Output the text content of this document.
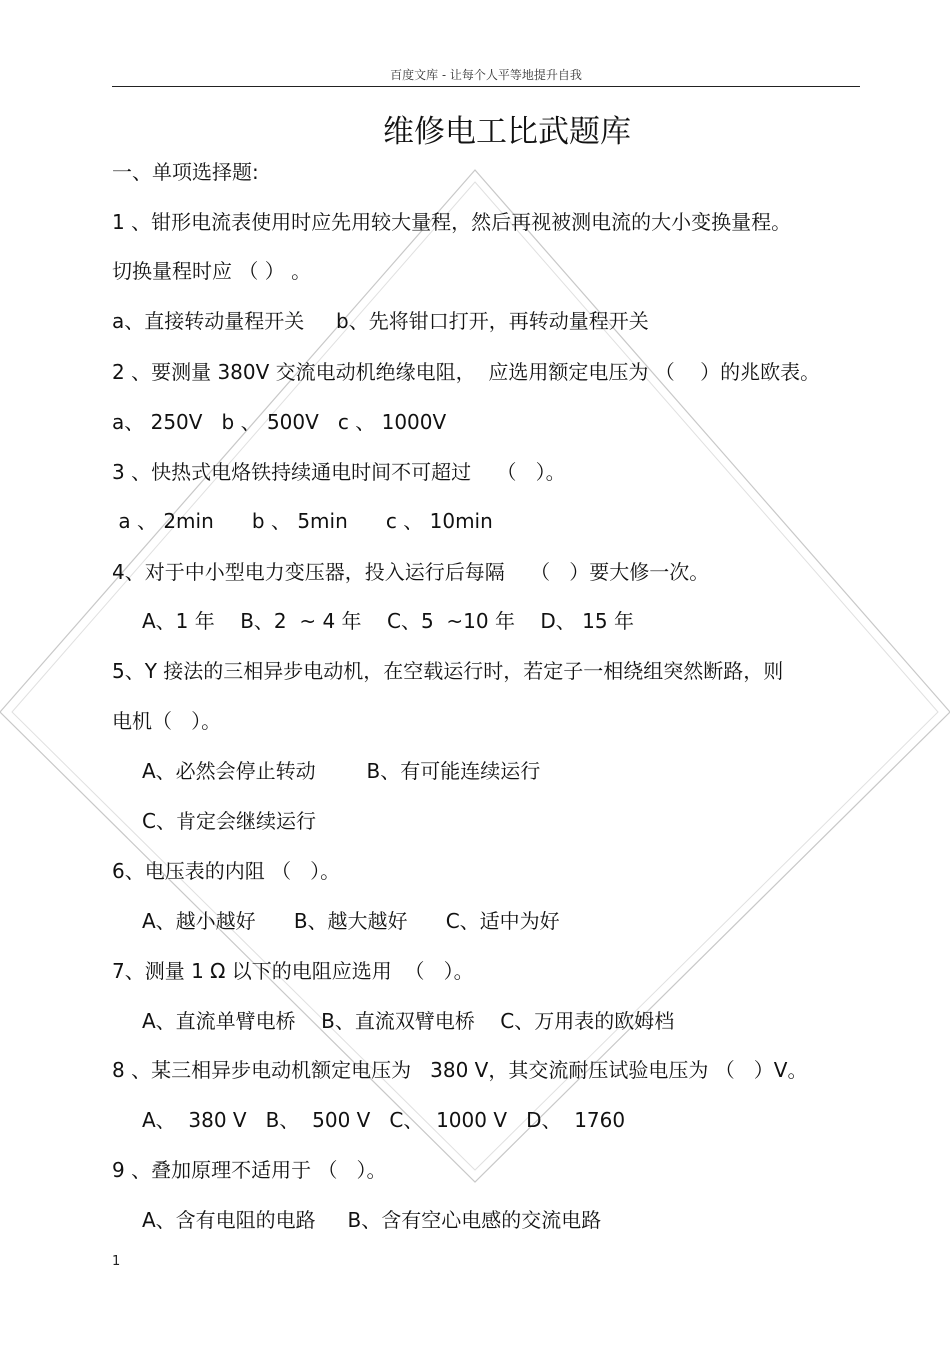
百度文库 - 让每个人平等地提升自我
维修电工比武题库
一、单项选择题:
1 、钳形电流表使用时应先用较大量程，然后再视被测电流的大小变换量程。
切换量程时应 （ ） 。
a、直接转动量程开关     b、先将钳口打开，再转动量程开关
2 、要测量 380V 交流电动机绝缘电阻，  应选用额定电压为 （    ）的兆欧表。
a、 250V   b 、 500V   c 、 1000V
3 、快热式电烙铁持续通电时间不可超过    （   ）。
a 、 2min      b 、 5min      c 、 10min
4、对于中小型电力变压器，投入运行后每隔    （   ）要大修一次。
A、1 年    B、2  ~ 4 年    C、5  ~10 年    D、 15 年
5、Y 接法的三相异步电动机，在空载运行时，若定子一相绕组突然断路，则
电机（   ）。
A、必然会停止转动        B、有可能连续运行
C、肯定会继续运行
6、电压表的内阻 （   ）。
A、越小越好      B、越大越好      C、适中为好
7、测量 1 Ω 以下的电阻应选用  （   ）。
A、直流单臂电桥    B、直流双臂电桥    C、万用表的欧姆档
8 、某三相异步电动机额定电压为   380 V，其交流耐压试验电压为 （   ）V。
A、  380 V   B、  500 V   C、  1000 V   D、  1760
9 、叠加原理不适用于 （   ）。
A、含有电阻的电路     B、含有空心电感的交流电路
1
